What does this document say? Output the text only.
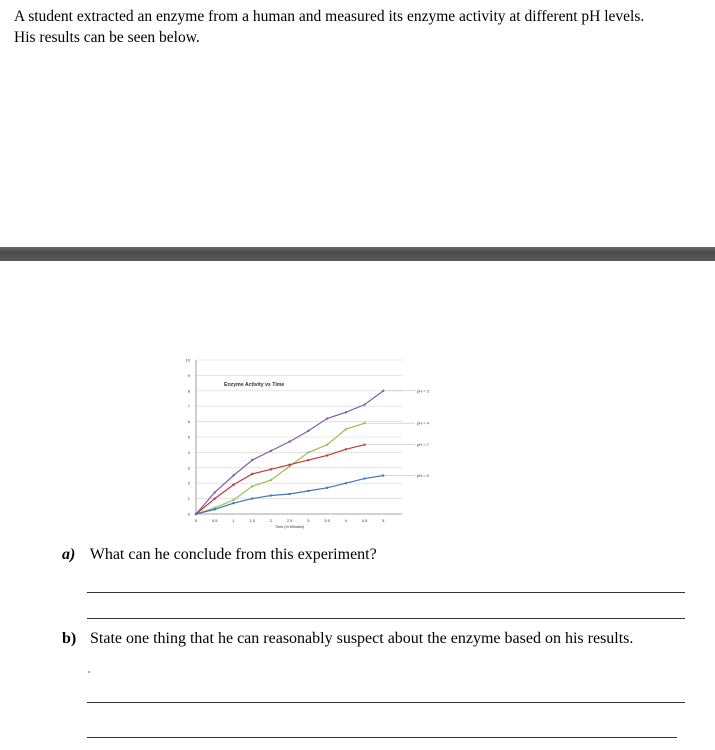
A student extracted an enzyme from a human and measured its enzyme activity at different pH levels.
His results can be seen below.
0
1
2
3
4
5
6
7
8
9
10
0	0.5	1	1.5	2	2.5	3	3.5	4	4.5	5
Time (In Minutes)
Enzyme Activity vs Time
pH = 2
pH = 4
pH = 7
pH = 9
a) What can he conclude from this experiment?
b) State one thing that he can reasonably suspect about the enzyme based on his results.
